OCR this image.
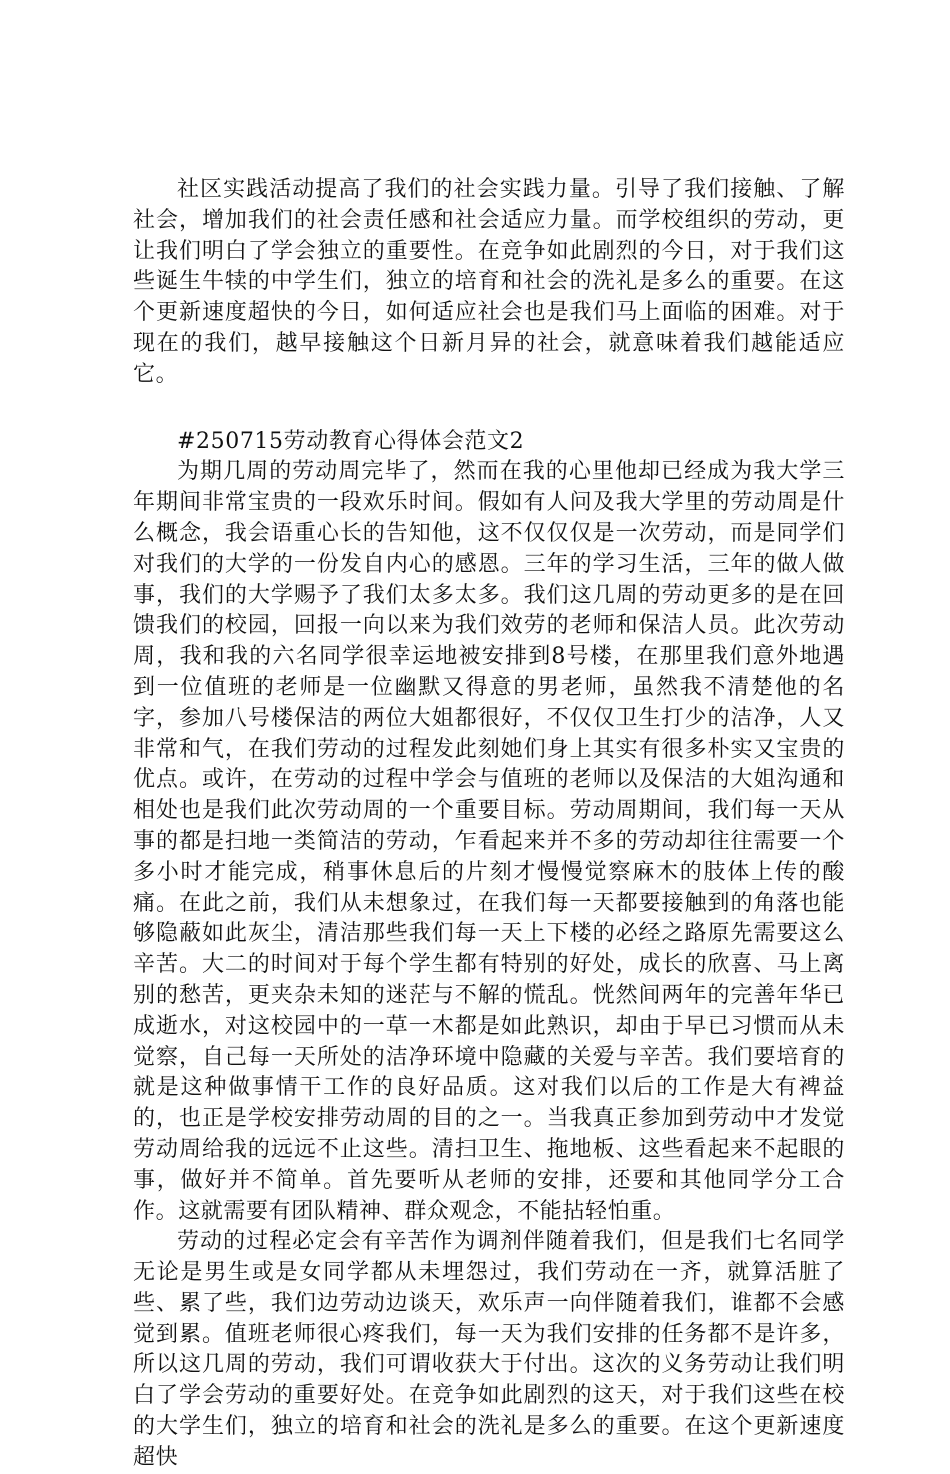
社区实践活动提高了我们的社会实践力量。引导了我们接触、了解社会，增加我们的社会责任感和社会适应力量。而学校组织的劳动，更让我们明白了学会独立的重要性。在竞争如此剧烈的今日，对于我们这些诞生牛犊的中学生们，独立的培育和社会的洗礼是多么的重要。在这个更新速度超快的今日，如何适应社会也是我们马上面临的困难。对于现在的我们，越早接触这个日新月异的社会，就意味着我们越能适应它。

#250715劳动教育心得体会范文2

为期几周的劳动周完毕了，然而在我的心里他却已经成为我大学三年期间非常宝贵的一段欢乐时间。假如有人问及我大学里的劳动周是什么概念，我会语重心长的告知他，这不仅仅仅是一次劳动，而是同学们对我们的大学的一份发自内心的感恩。三年的学习生活，三年的做人做事，我们的大学赐予了我们太多太多。我们这几周的劳动更多的是在回馈我们的校园，回报一向以来为我们效劳的老师和保洁人员。此次劳动周，我和我的六名同学很幸运地被安排到8号楼，在那里我们意外地遇到一位值班的老师是一位幽默又得意的男老师，虽然我不清楚他的名字，参加八号楼保洁的两位大姐都很好，不仅仅卫生打少的洁净，人又非常和气，在我们劳动的过程发此刻她们身上其实有很多朴实又宝贵的优点。或许，在劳动的过程中学会与值班的老师以及保洁的大姐沟通和相处也是我们此次劳动周的一个重要目标。劳动周期间，我们每一天从事的都是扫地一类简洁的劳动，乍看起来并不多的劳动却往往需要一个多小时才能完成，稍事休息后的片刻才慢慢觉察麻木的肢体上传的酸痛。在此之前，我们从未想象过，在我们每一天都要接触到的角落也能够隐蔽如此灰尘，清洁那些我们每一天上下楼的必经之路原先需要这么辛苦。大二的时间对于每个学生都有特别的好处，成长的欣喜、马上离别的愁苦，更夹杂未知的迷茫与不解的慌乱。恍然间两年的完善年华已成逝水，对这校园中的一草一木都是如此熟识，却由于早已习惯而从未觉察，自己每一天所处的洁净环境中隐藏的关爱与辛苦。我们要培育的就是这种做事情干工作的良好品质。这对我们以后的工作是大有裨益的，也正是学校安排劳动周的目的之一。当我真正参加到劳动中才发觉劳动周给我的远远不止这些。清扫卫生、拖地板、这些看起来不起眼的事，做好并不简单。首先要听从老师的安排，还要和其他同学分工合作。这就需要有团队精神、群众观念，不能拈轻怕重。

劳动的过程必定会有辛苦作为调剂伴随着我们，但是我们七名同学无论是男生或是女同学都从未埋怨过，我们劳动在一齐，就算活脏了些、累了些，我们边劳动边谈天，欢乐声一向伴随着我们，谁都不会感觉到累。值班老师很心疼我们，每一天为我们安排的任务都不是许多，所以这几周的劳动，我们可谓收获大于付出。这次的义务劳动让我们明白了学会劳动的重要好处。在竞争如此剧烈的这天，对于我们这些在校的大学生们，独立的培育和社会的洗礼是多么的重要。在这个更新速度超快
